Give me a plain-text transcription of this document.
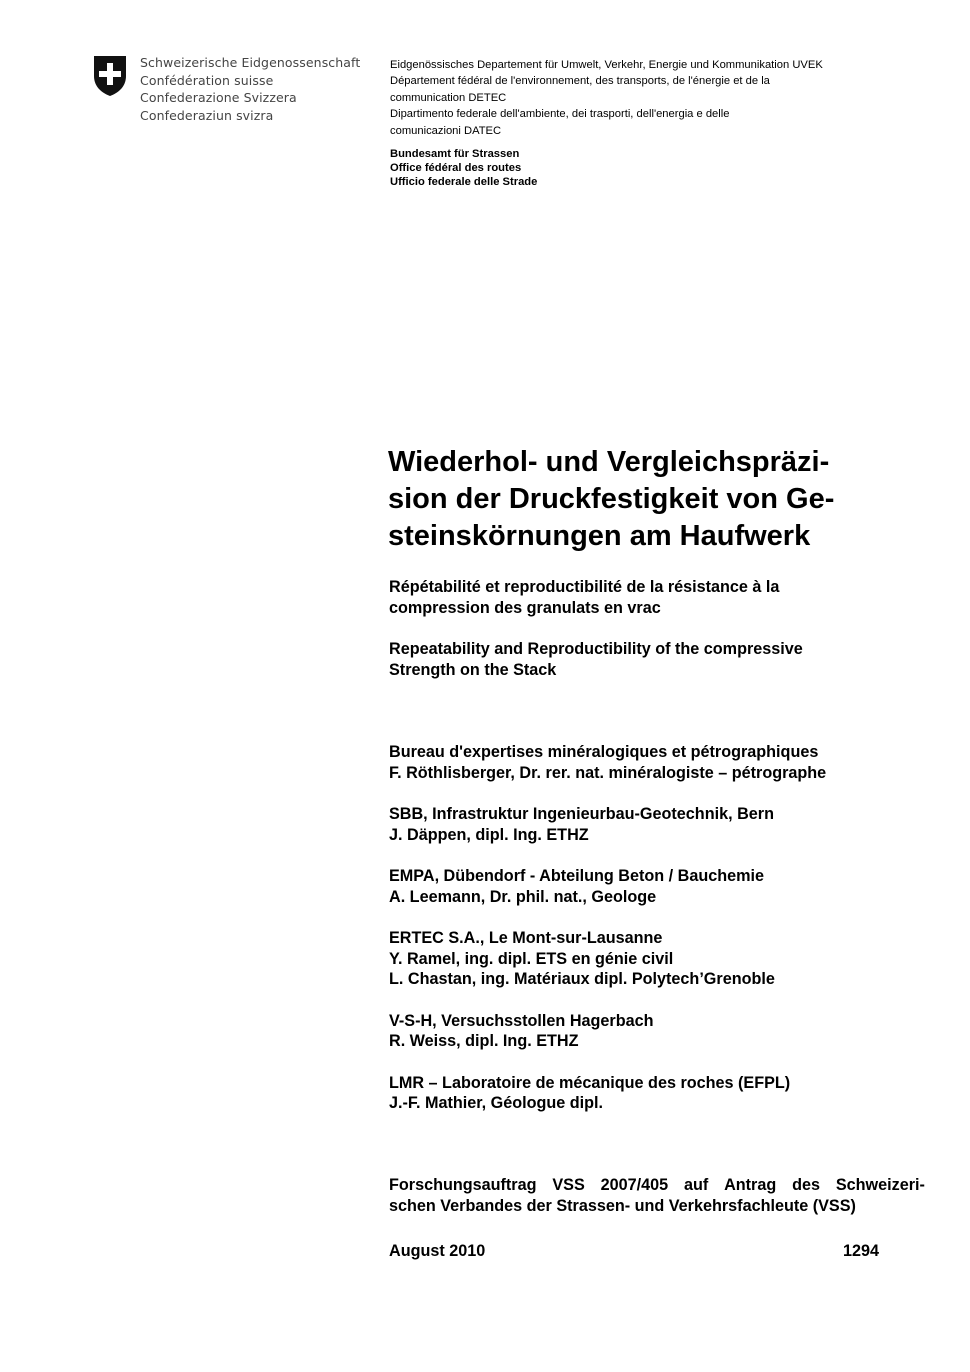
Schweizerische Eidgenossenschaft
Confédération suisse
Confederazione Svizzera
Confederaziun svizra
Eidgenössisches Departement für Umwelt, Verkehr, Energie und Kommunikation UVEK
Département fédéral de l'environnement, des transports, de l'énergie et de la
communication DETEC
Dipartimento federale dell'ambiente, dei trasporti, dell'energia e delle
comunicazioni DATEC
Bundesamt für Strassen
Office fédéral des routes
Ufficio federale delle Strade
Wiederhol- und Vergleichspräzi-
sion der Druckfestigkeit von Ge-
steinskörnungen am Haufwerk
Répétabilité et reproductibilité de la résistance à la
compression des granulats en vrac
Repeatability and Reproductibility of the compressive
Strength on the Stack
Bureau d'expertises minéralogiques et pétrographiques
F. Röthlisberger, Dr. rer. nat. minéralogiste – pétrographe
SBB, Infrastruktur Ingenieurbau-Geotechnik, Bern
J. Däppen, dipl. Ing. ETHZ
EMPA, Dübendorf - Abteilung Beton / Bauchemie
A. Leemann, Dr. phil. nat., Geologe
ERTEC S.A., Le Mont-sur-Lausanne
Y. Ramel, ing. dipl. ETS en génie civil
L. Chastan, ing. Matériaux dipl. Polytech’Grenoble
V-S-H, Versuchsstollen Hagerbach
R. Weiss, dipl. Ing. ETHZ
LMR – Laboratoire de mécanique des roches (EFPL)
J.-F. Mathier, Géologue dipl.
Forschungsauftrag VSS 2007/405 auf Antrag des Schweizeri-
schen Verbandes der Strassen- und Verkehrsfachleute (VSS)
August 2010	1294
